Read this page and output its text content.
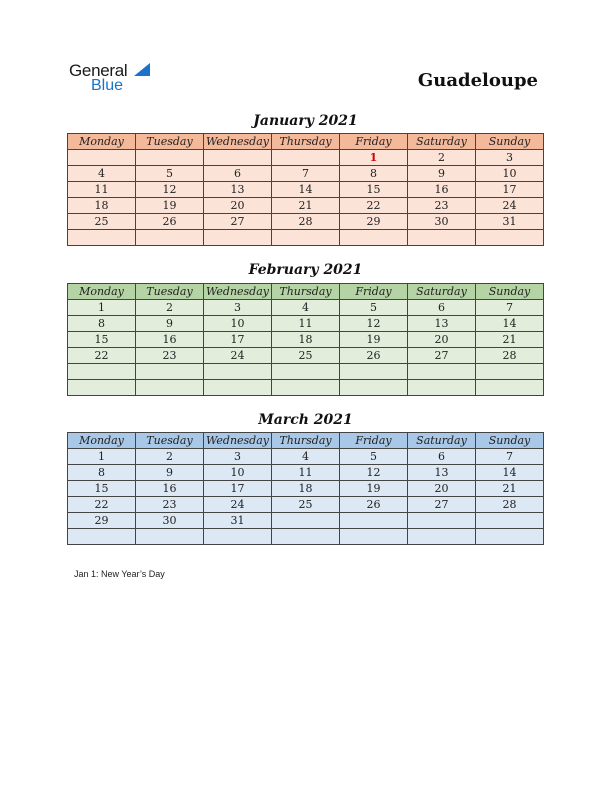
General
Blue	Guadeloupe
January 2021
Monday	Tuesday	Wednesday	Thursday	Friday	Saturday	Sunday
				1	2	3
4	5	6	7	8	9	10
11	12	13	14	15	16	17
18	19	20	21	22	23	24
25	26	27	28	29	30	31

February 2021
Monday	Tuesday	Wednesday	Thursday	Friday	Saturday	Sunday
1	2	3	4	5	6	7
8	9	10	11	12	13	14
15	16	17	18	19	20	21
22	23	24	25	26	27	28

March 2021
Monday	Tuesday	Wednesday	Thursday	Friday	Saturday	Sunday
1	2	3	4	5	6	7
8	9	10	11	12	13	14
15	16	17	18	19	20	21
22	23	24	25	26	27	28
29	30	31				

Jan 1: New Year’s Day
